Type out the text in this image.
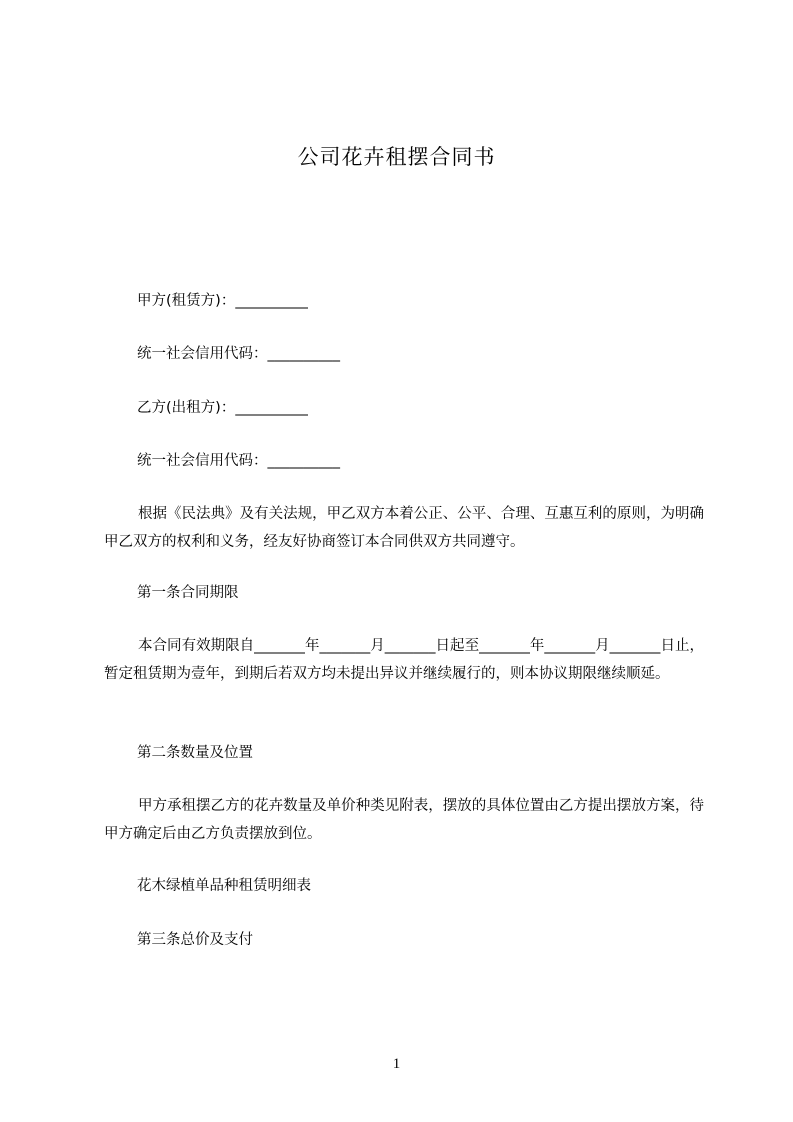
公司花卉租摆合同书
甲方(租赁方)：__________
统一社会信用代码：__________
乙方(出租方)：__________
统一社会信用代码：__________
根据《民法典》及有关法规，甲乙双方本着公正、公平、合理、互惠互利的原则，为明确甲乙双方的权利和义务，经友好协商签订本合同供双方共同遵守。
第一条合同期限
本合同有效期限自_______年_______月_______日起至_______年_______月_______日止，暂定租赁期为壹年，到期后若双方均未提出异议并继续履行的，则本协议期限继续顺延。
第二条数量及位置
甲方承租摆乙方的花卉数量及单价种类见附表，摆放的具体位置由乙方提出摆放方案，待甲方确定后由乙方负责摆放到位。
花木绿植单品种租赁明细表
第三条总价及支付
1
